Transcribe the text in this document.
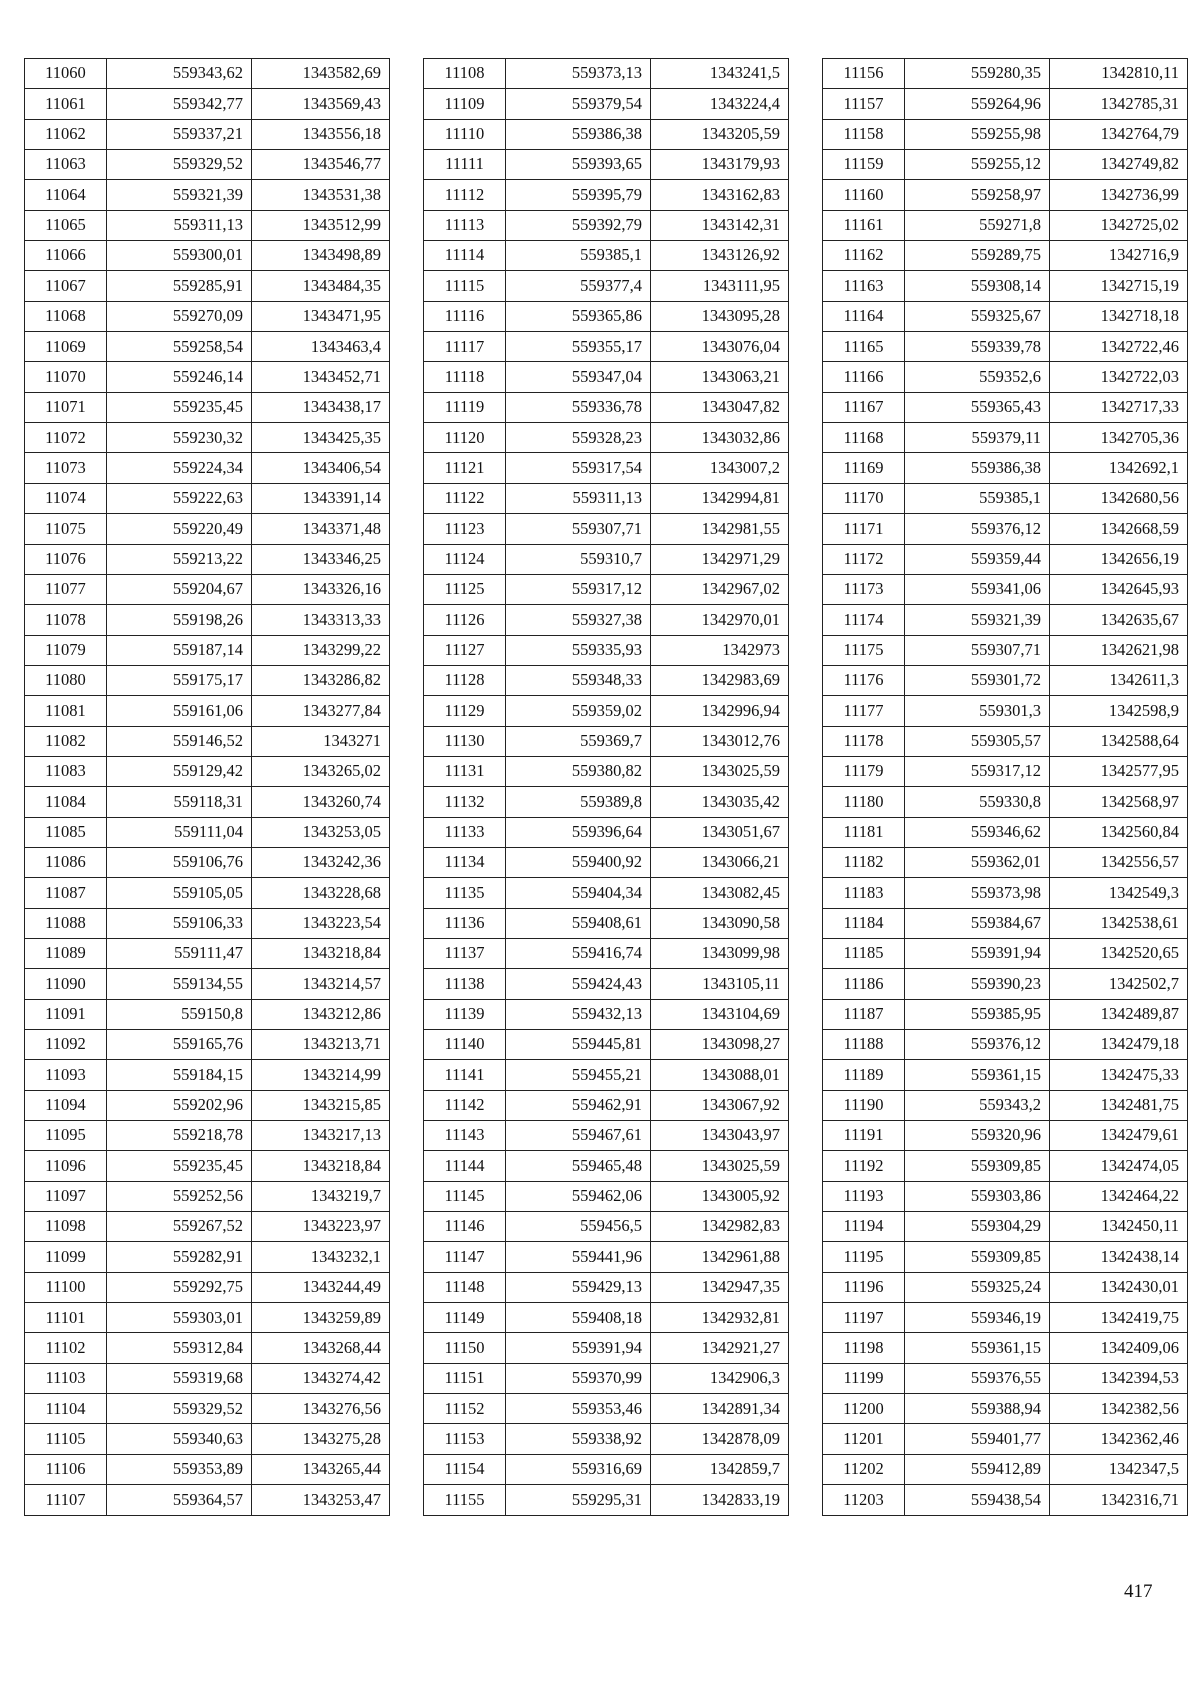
11060	559343,62	1343582,69
11061	559342,77	1343569,43
11062	559337,21	1343556,18
11063	559329,52	1343546,77
11064	559321,39	1343531,38
11065	559311,13	1343512,99
11066	559300,01	1343498,89
11067	559285,91	1343484,35
11068	559270,09	1343471,95
11069	559258,54	1343463,4
11070	559246,14	1343452,71
11071	559235,45	1343438,17
11072	559230,32	1343425,35
11073	559224,34	1343406,54
11074	559222,63	1343391,14
11075	559220,49	1343371,48
11076	559213,22	1343346,25
11077	559204,67	1343326,16
11078	559198,26	1343313,33
11079	559187,14	1343299,22
11080	559175,17	1343286,82
11081	559161,06	1343277,84
11082	559146,52	1343271
11083	559129,42	1343265,02
11084	559118,31	1343260,74
11085	559111,04	1343253,05
11086	559106,76	1343242,36
11087	559105,05	1343228,68
11088	559106,33	1343223,54
11089	559111,47	1343218,84
11090	559134,55	1343214,57
11091	559150,8	1343212,86
11092	559165,76	1343213,71
11093	559184,15	1343214,99
11094	559202,96	1343215,85
11095	559218,78	1343217,13
11096	559235,45	1343218,84
11097	559252,56	1343219,7
11098	559267,52	1343223,97
11099	559282,91	1343232,1
11100	559292,75	1343244,49
11101	559303,01	1343259,89
11102	559312,84	1343268,44
11103	559319,68	1343274,42
11104	559329,52	1343276,56
11105	559340,63	1343275,28
11106	559353,89	1343265,44
11107	559364,57	1343253,47
11108	559373,13	1343241,5
11109	559379,54	1343224,4
11110	559386,38	1343205,59
11111	559393,65	1343179,93
11112	559395,79	1343162,83
11113	559392,79	1343142,31
11114	559385,1	1343126,92
11115	559377,4	1343111,95
11116	559365,86	1343095,28
11117	559355,17	1343076,04
11118	559347,04	1343063,21
11119	559336,78	1343047,82
11120	559328,23	1343032,86
11121	559317,54	1343007,2
11122	559311,13	1342994,81
11123	559307,71	1342981,55
11124	559310,7	1342971,29
11125	559317,12	1342967,02
11126	559327,38	1342970,01
11127	559335,93	1342973
11128	559348,33	1342983,69
11129	559359,02	1342996,94
11130	559369,7	1343012,76
11131	559380,82	1343025,59
11132	559389,8	1343035,42
11133	559396,64	1343051,67
11134	559400,92	1343066,21
11135	559404,34	1343082,45
11136	559408,61	1343090,58
11137	559416,74	1343099,98
11138	559424,43	1343105,11
11139	559432,13	1343104,69
11140	559445,81	1343098,27
11141	559455,21	1343088,01
11142	559462,91	1343067,92
11143	559467,61	1343043,97
11144	559465,48	1343025,59
11145	559462,06	1343005,92
11146	559456,5	1342982,83
11147	559441,96	1342961,88
11148	559429,13	1342947,35
11149	559408,18	1342932,81
11150	559391,94	1342921,27
11151	559370,99	1342906,3
11152	559353,46	1342891,34
11153	559338,92	1342878,09
11154	559316,69	1342859,7
11155	559295,31	1342833,19
11156	559280,35	1342810,11
11157	559264,96	1342785,31
11158	559255,98	1342764,79
11159	559255,12	1342749,82
11160	559258,97	1342736,99
11161	559271,8	1342725,02
11162	559289,75	1342716,9
11163	559308,14	1342715,19
11164	559325,67	1342718,18
11165	559339,78	1342722,46
11166	559352,6	1342722,03
11167	559365,43	1342717,33
11168	559379,11	1342705,36
11169	559386,38	1342692,1
11170	559385,1	1342680,56
11171	559376,12	1342668,59
11172	559359,44	1342656,19
11173	559341,06	1342645,93
11174	559321,39	1342635,67
11175	559307,71	1342621,98
11176	559301,72	1342611,3
11177	559301,3	1342598,9
11178	559305,57	1342588,64
11179	559317,12	1342577,95
11180	559330,8	1342568,97
11181	559346,62	1342560,84
11182	559362,01	1342556,57
11183	559373,98	1342549,3
11184	559384,67	1342538,61
11185	559391,94	1342520,65
11186	559390,23	1342502,7
11187	559385,95	1342489,87
11188	559376,12	1342479,18
11189	559361,15	1342475,33
11190	559343,2	1342481,75
11191	559320,96	1342479,61
11192	559309,85	1342474,05
11193	559303,86	1342464,22
11194	559304,29	1342450,11
11195	559309,85	1342438,14
11196	559325,24	1342430,01
11197	559346,19	1342419,75
11198	559361,15	1342409,06
11199	559376,55	1342394,53
11200	559388,94	1342382,56
11201	559401,77	1342362,46
11202	559412,89	1342347,5
11203	559438,54	1342316,71
417
